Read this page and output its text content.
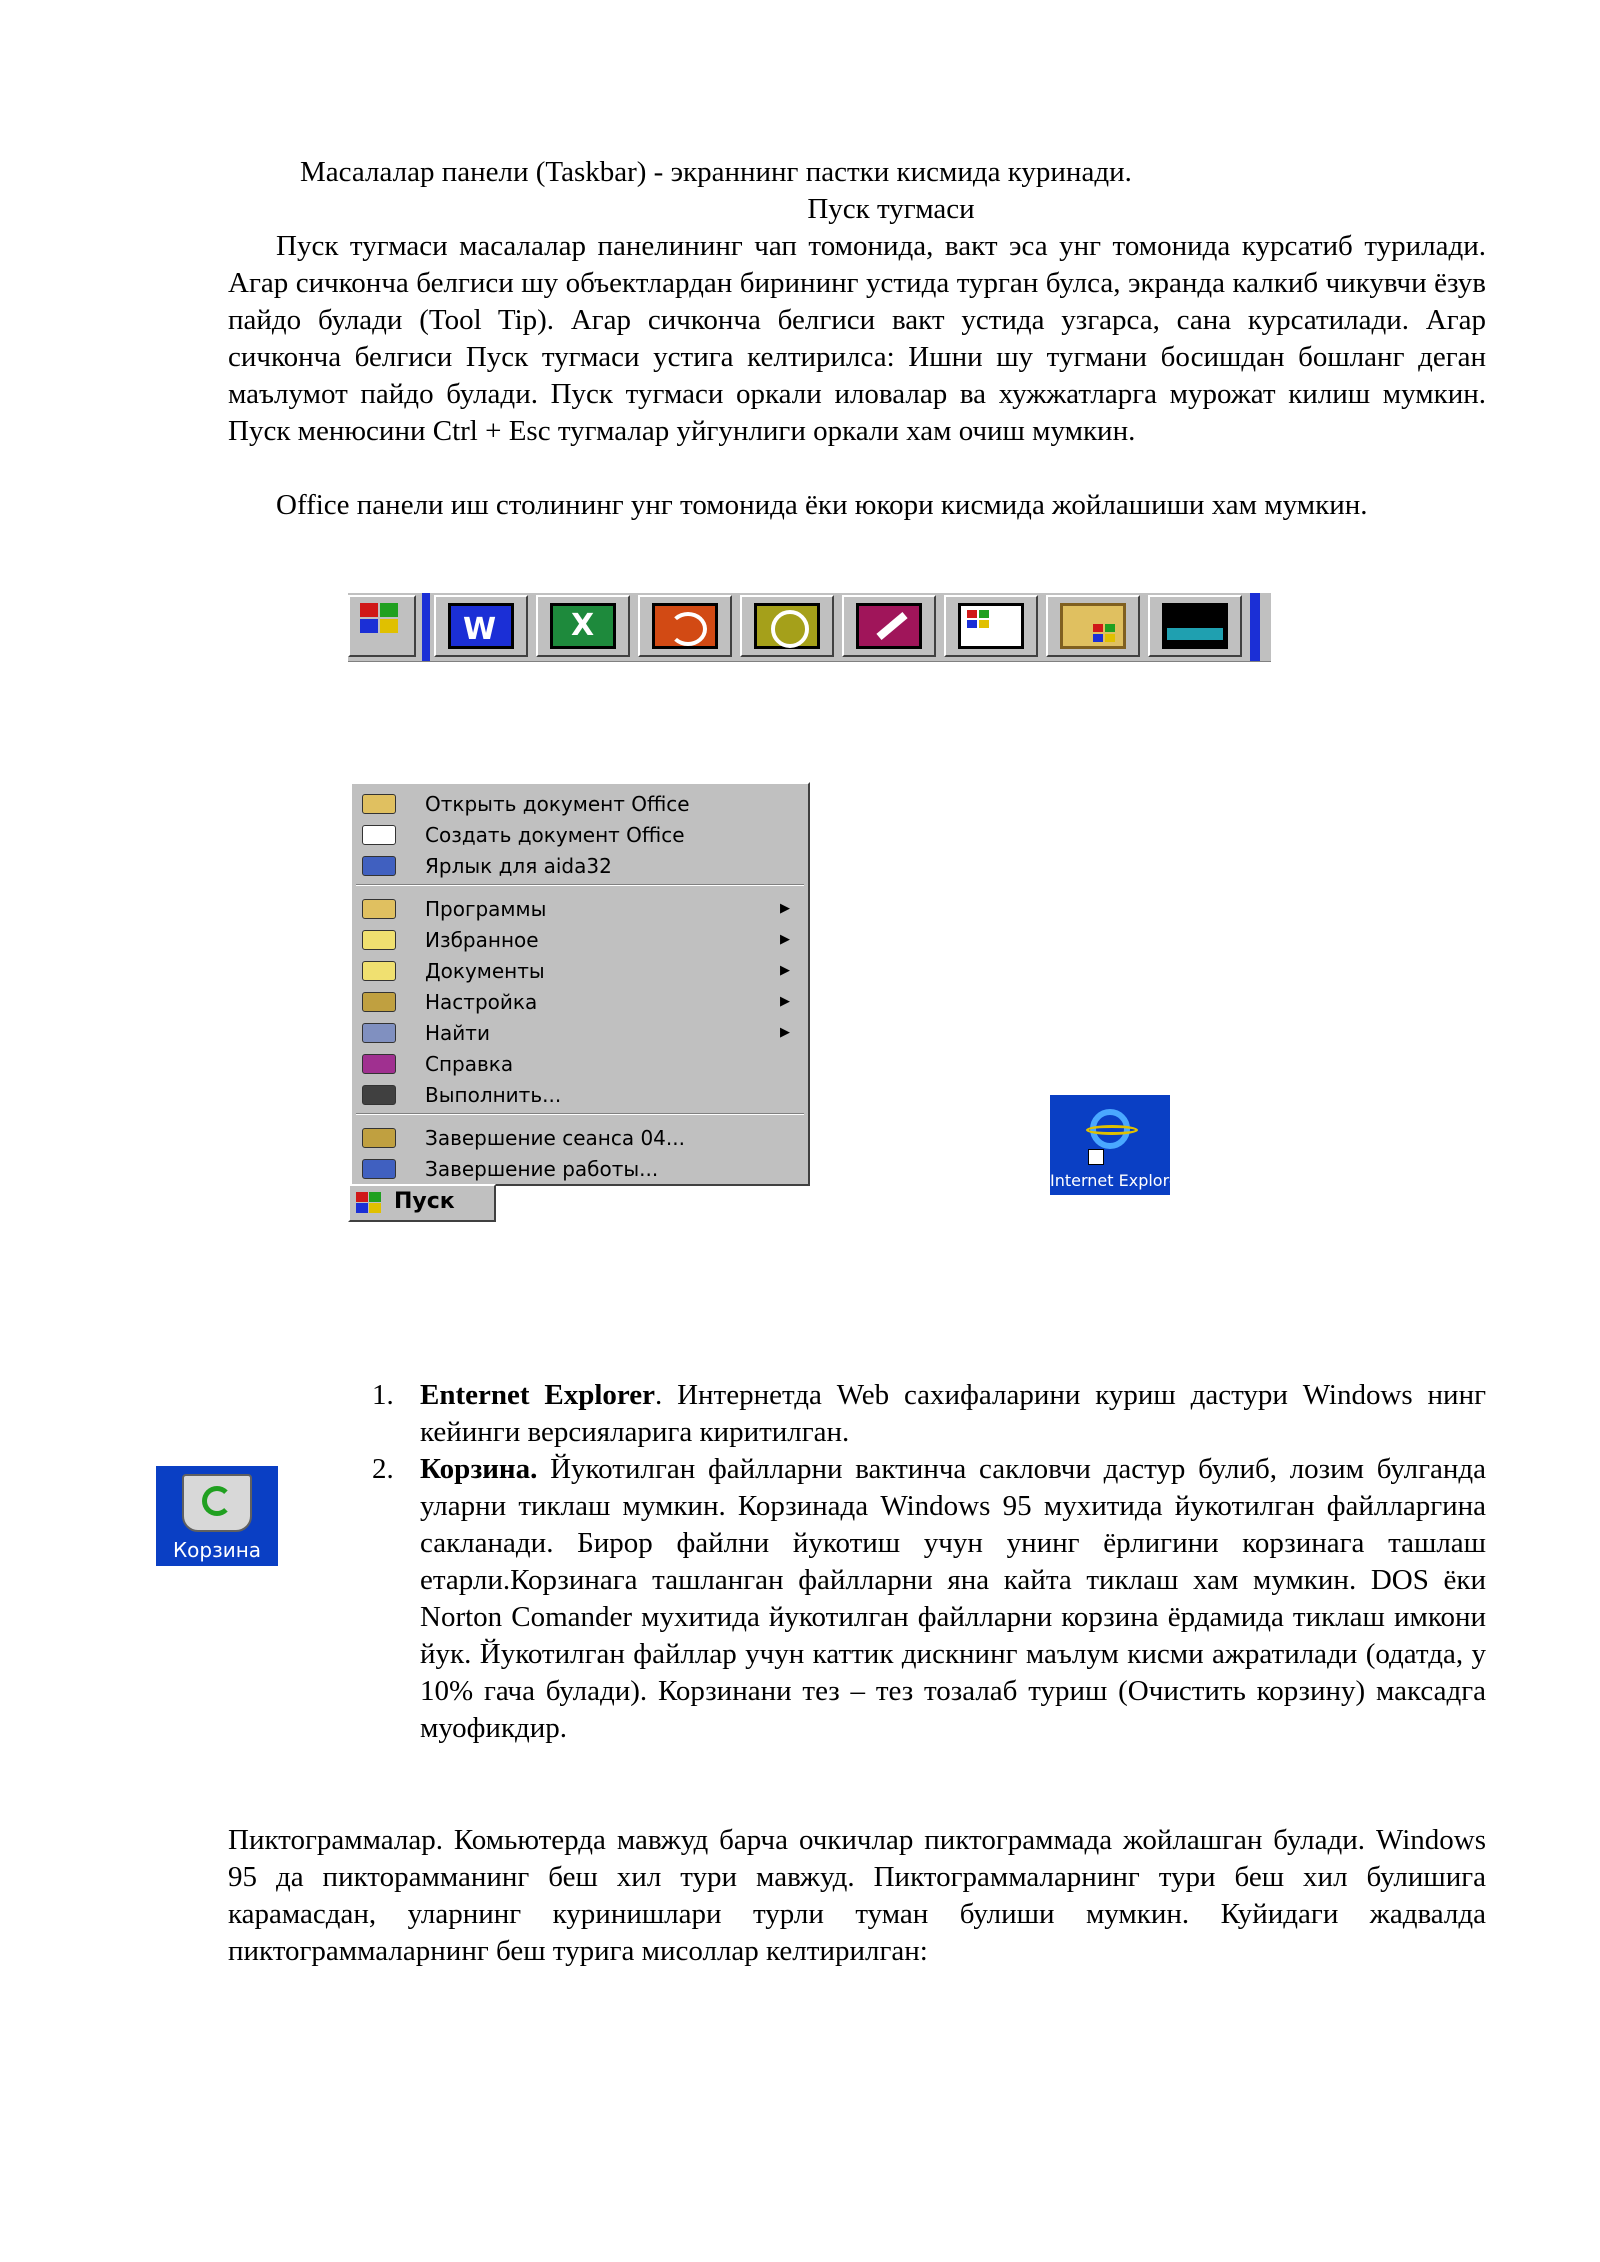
Масалалар панели (Taskbar) - экраннинг пастки кисмида куринади.
Пуск тугмаси
Пуск тугмаси масалалар панелининг чап томонида, вакт эса унг томонида курсатиб турилади. Агар сичкончa белгиси шу объектлардан бирининг устида турган булса, экранда калкиб чикувчи ёзув пайдо булади (Tool Tip). Агар сичконча белгиси вакт устида узгарса, сана курсатилади. Агар сичконча белгиси Пуск тугмаси устига келтирилса: Ишни шу тугмани босишдан бошланг деган маълумот пайдо булади. Пуск тугмаси оркали иловалар ва хужжатларга мурожат килиш мумкин. Пуск менюсини Ctrl + Esc тугмалар уйгунлиги оркали хам очиш мумкин.
Office панели иш столининг унг томонида ёки юкори кисмида жойлашиши хам мумкин.
W X
Открыть документ Office
Создать документ Office
Ярлык для aida32
Программы	▶
Избранное	▶
Документы	▶
Настройка	▶
Найти	▶
Справка
Выполнить...
Завершение сеанса 04...
Завершение работы...
Пуск
Internet Explorer
Корзина
1. Enternet Explorer. Интернетда Web сахифаларини куриш дастури Windows нинг кейинги версияларига киритилган.
2. Корзина. Йукотилган файлларни вактинча сакловчи дастур булиб, лозим булганда уларни тиклаш мумкин. Корзинада Windows 95 мухитида йукотилган файлларгина сакланади. Бирор файлни йукотиш учун унинг ёрлигини корзинага ташлаш етарли.Корзинага ташланган файлларни яна кайта тиклаш хам мумкин. DOS ёки Norton Comander мухитида йукотилган файлларни корзина ёрдамида тиклаш имкони йук. Йукотилган файллар учун каттик дискнинг маълум кисми ажратилади (одатда, у 10% гача булади). Корзинани тез – тез тозалаб туриш (Очистить корзину) максадга муофикдир.
Пиктограммалар. Комьютерда мавжуд барча очкичлар пиктограммада жойлашган булади. Windows 95 да пикторамманинг беш хил тури мавжуд. Пиктограммаларнинг тури беш хил булишига карамасдан, уларнинг куринишлари турли туман булиши мумкин. Куйидаги жадвалда пиктограммаларнинг беш турига мисоллар келтирилган:
